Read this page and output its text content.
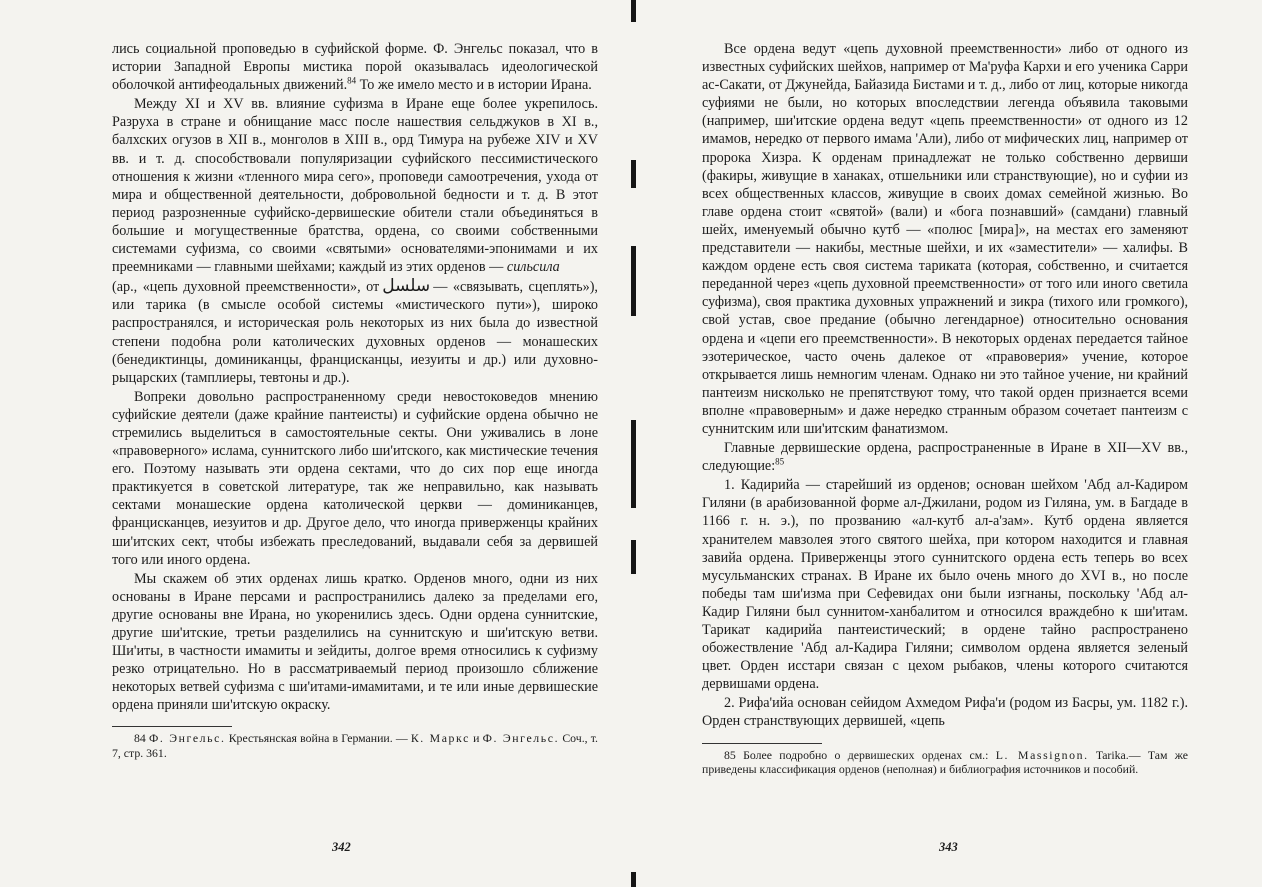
лись социальной проповедью в суфийской форме. Ф. Энгельс показал, что в истории Западной Европы мистика порой оказывалась идеологической оболочкой антифеодальных движений.$^{84}$ То же имело место и в истории Ирана.

Между XI и XV вв. влияние суфизма в Иране еще более укрепилось. Разруха в стране и обнищание масс после нашествия сельджуков в XI в., балхских огузов в XII в., монголов в XIII в., орд Тимура на рубеже XIV и XV вв. и т. д. способствовали популяризации суфийского пессимистического отношения к жизни «тленного мира сего», проповеди самоотречения, ухода от мира и общественной деятельности, добровольной бедности и т. д. В этот период разрозненные суфийско-дервишеские обители стали объединяться в большие и могущественные братства, ордена, со своими собственными системами суфизма, со своими «святыми» основателями-эпонимами и их преемниками — главными шейхами; каждый из этих орденов — сильсила

(ар., «цепь духовной преемственности», от سلسل — «связывать, сцеплять»), или тарика (в смысле особой системы «мистического пути»), широко распространялся, и историческая роль некоторых из них была до известной степени подобна роли католических духовных орденов — монашеских (бенедиктинцы, доминиканцы, францисканцы, иезуиты и др.) или духовно-рыцарских (тамплиеры, тевтоны и др.).

Вопреки довольно распространенному среди невостоковедов мнению суфийские деятели (даже крайние пантеисты) и суфийские ордена обычно не стремились выделиться в самостоятельные секты. Они уживались в лоне «правоверного» ислама, суннитского либо ши'итского, как мистические течения его. Поэтому называть эти ордена сектами, что до сих пор еще иногда практикуется в советской литературе, так же неправильно, как называть сектами монашеские ордена католической церкви — доминиканцев, францисканцев, иезуитов и др. Другое дело, что иногда приверженцы крайних ши'итских сект, чтобы избежать преследований, выдавали себя за дервишей того или иного ордена.

Мы скажем об этих орденах лишь кратко. Орденов много, одни из них основаны в Иране персами и распространились далеко за пределами его, другие основаны вне Ирана, но укоренились здесь. Одни ордена суннитские, другие ши'итские, третьи разделились на суннитскую и ши'итскую ветви. Ши'иты, в частности имамиты и зейдиты, долгое время относились к суфизму резко отрицательно. Но в рассматриваемый период произошло сближение некоторых ветвей суфизма с ши'итами-имамитами, и те или иные дервишеские ордена приняли ши'итскую окраску.

84 Ф. Энгельс. Крестьянская война в Германии. — К. Маркс и Ф. Энгельс. Соч., т. 7, стр. 361.

342

Все ордена ведут «цепь духовной преемственности» либо от одного из известных суфийских шейхов, например от Ма'руфа Кархи и его ученика Сарри ас-Сакати, от Джунейда, Байазида Бистами и т. д., либо от лиц, которые никогда суфиями не были, но которых впоследствии легенда объявила таковыми (например, ши'итские ордена ведут «цепь преемственности» от одного из 12 имамов, нередко от первого имама 'Али), либо от мифических лиц, например от пророка Хизра. К орденам принадлежат не только собственно дервиши (факиры, живущие в ханаках, отшельники или странствующие), но и суфии из всех общественных классов, живущие в своих домах семейной жизнью. Во главе ордена стоит «святой» (вали) и «бога познавший» (самдани) главный шейх, именуемый обычно кутб — «полюс [мира]», на местах его заменяют представители — накибы, местные шейхи, и их «заместители» — халифы. В каждом ордене есть своя система тариката (которая, собственно, и считается переданной через «цепь духовной преемственности» от того или иного светила суфизма), своя практика духовных упражнений и зикра (тихого или громкого), свой устав, свое предание (обычно легендарное) относительно основания ордена и «цепи его преемственности». В некоторых орденах передается тайное эзотерическое, часто очень далекое от «правоверия» учение, которое открывается лишь немногим членам. Однако ни это тайное учение, ни крайний пантеизм нисколько не препятствуют тому, что такой орден признается всеми вполне «правоверным» и даже нередко странным образом сочетает пантеизм с суннитским или ши'итским фанатизмом.

Главные дервишеские ордена, распространенные в Иране в XII—XV вв., следующие:$^{85}$

1. Кадирийа — старейший из орденов; основан шейхом 'Абд ал-Кадиром Гиляни (в арабизованной форме ал-Джилани, родом из Гиляна, ум. в Багдаде в 1166 г. н. э.), по прозванию «ал-кутб ал-а'зам». Кутб ордена является хранителем мавзолея этого святого шейха, при котором находится и главная завийа ордена. Приверженцы этого суннитского ордена есть теперь во всех мусульманских странах. В Иране их было очень много до XVI в., но после победы там ши'изма при Сефевидах они были изгнаны, поскольку 'Абд ал-Кадир Гиляни был суннитом-ханбалитом и относился враждебно к ши'итам. Тарикат кадирийа пантеистический; в ордене тайно распространено обожествление 'Абд ал-Кадира Гиляни; символом ордена является зеленый цвет. Орден исстари связан с цехом рыбаков, члены которого считаются дервишами ордена.

2. Рифа'ийа основан сейидом Ахмедом Рифа'и (родом из Басры, ум. 1182 г.). Орден странствующих дервишей, «цепь

85 Более подробно о дервишеских орденах см.: L. Massignon. Tarika.— Там же приведены классификация орденов (неполная) и библиография источников и пособий.

343
